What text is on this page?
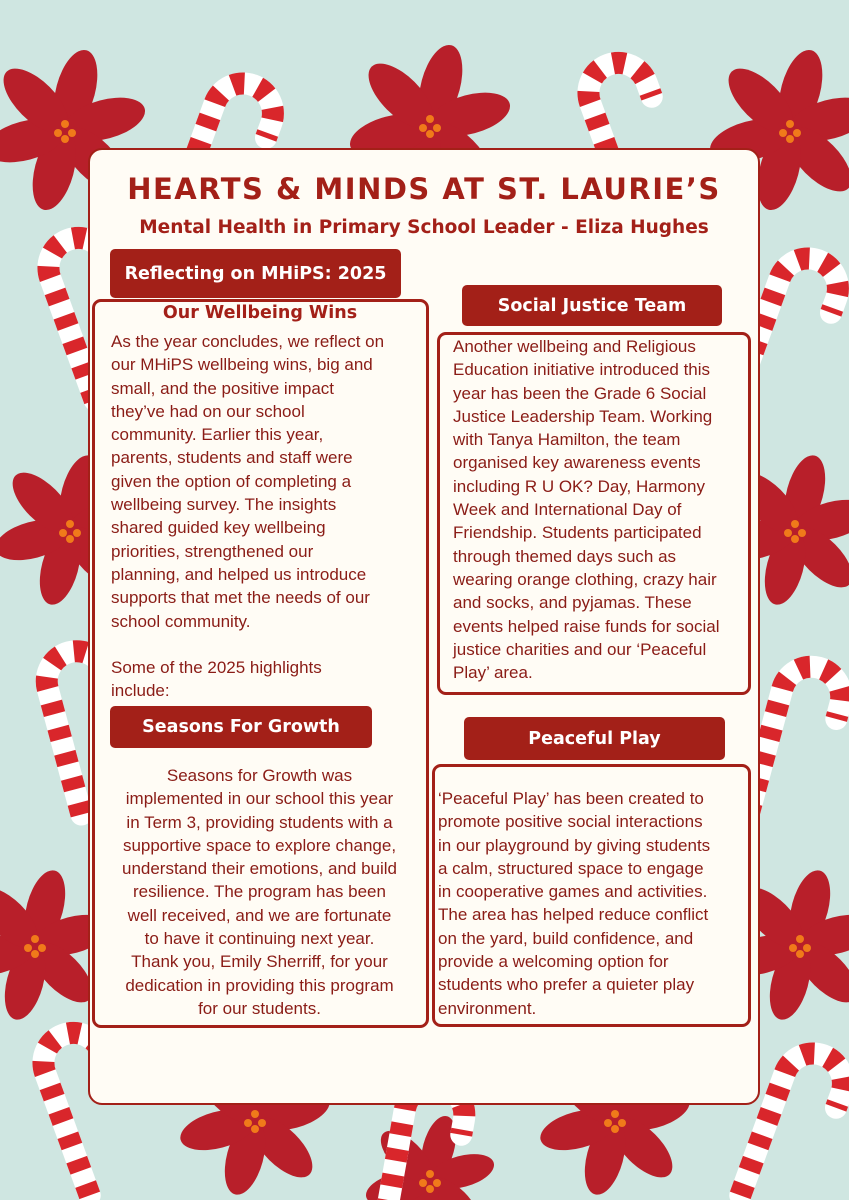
HEARTS & MINDS AT ST. LAURIE’S
Mental Health in Primary School Leader - Eliza Hughes
Reflecting on MHiPS: 2025
Our Wellbeing Wins
As the year concludes, we reflect on
our MHiPS wellbeing wins, big and
small, and the positive impact
they’ve had on our school
community. Earlier this year,
parents, students and staff were
given the option of completing a
wellbeing survey. The insights
shared guided key wellbeing
priorities, strengthened our
planning, and helped us introduce
supports that met the needs of our
school community.

Some of the 2025 highlights
include:
Seasons For Growth
Seasons for Growth was
implemented in our school this year
in Term 3, providing students with a
supportive space to explore change,
understand their emotions, and build
resilience. The program has been
well received, and we are fortunate
to have it continuing next year.
Thank you, Emily Sherriff, for your
dedication in providing this program
for our students.
Social Justice Team
Another wellbeing and Religious
Education initiative introduced this
year has been the Grade 6 Social
Justice Leadership Team. Working
with Tanya Hamilton, the team
organised key awareness events
including R U OK? Day, Harmony
Week and International Day of
Friendship. Students participated
through themed days such as
wearing orange clothing, crazy hair
and socks, and pyjamas. These
events helped raise funds for social
justice charities and our ‘Peaceful
Play’ area.
Peaceful Play
‘Peaceful Play’ has been created to
promote positive social interactions
in our playground by giving students
a calm, structured space to engage
in cooperative games and activities.
The area has helped reduce conflict
on the yard, build confidence, and
provide a welcoming option for
students who prefer a quieter play
environment.
